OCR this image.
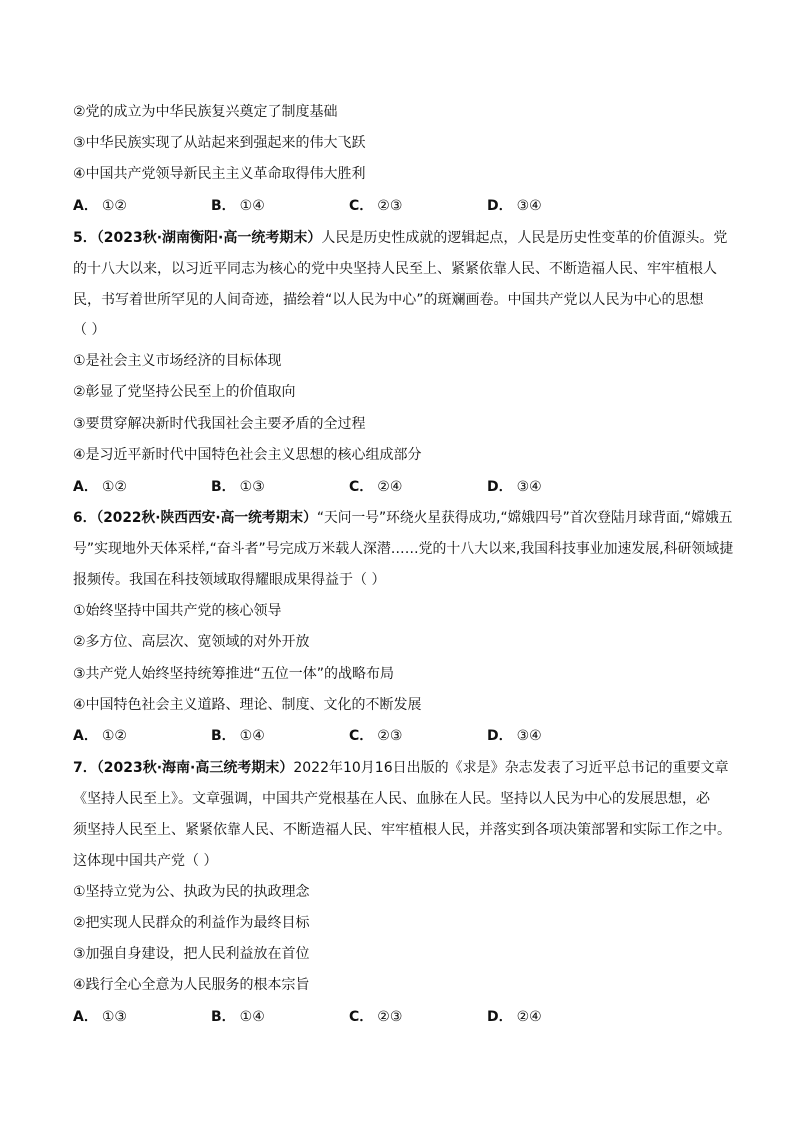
②党的成立为中华民族复兴奠定了制度基础
③中华民族实现了从站起来到强起来的伟大飞跃
④中国共产党领导新民主主义革命取得伟大胜利
A． ①②	B． ①④	C． ②③	D． ③④
5．（2023秋·湖南衡阳·高一统考期末）人民是历史性成就的逻辑起点，人民是历史性变革的价值源头。党
的十八大以来，以习近平同志为核心的党中央坚持人民至上、紧紧依靠人民、不断造福人民、牢牢植根人
民，书写着世所罕见的人间奇迹，描绘着“以人民为中心”的斑斓画卷。中国共产党以人民为中心的思想
（ ）
①是社会主义市场经济的目标体现
②彰显了党坚持公民至上的价值取向
③要贯穿解决新时代我国社会主要矛盾的全过程
④是习近平新时代中国特色社会主义思想的核心组成部分
A． ①②	B． ①③	C． ②④	D． ③④
6．（2022秋·陕西西安·高一统考期末）“天问一号”环绕火星获得成功,“嫦娥四号”首次登陆月球背面,“嫦娥五
号”实现地外天体采样,“奋斗者”号完成万米载人深潜……党的十八大以来,我国科技事业加速发展,科研领域捷
报频传。我国在科技领域取得耀眼成果得益于（ ）
①始终坚持中国共产党的核心领导
②多方位、高层次、宽领域的对外开放
③共产党人始终坚持统筹推进“五位一体”的战略布局
④中国特色社会主义道路、理论、制度、文化的不断发展
A． ①②	B． ①④	C． ②③	D． ③④
7．（2023秋·海南·高三统考期末）2022年10月16日出版的《求是》杂志发表了习近平总书记的重要文章
《坚持人民至上》。文章强调，中国共产党根基在人民、血脉在人民。坚持以人民为中心的发展思想，必
须坚持人民至上、紧紧依靠人民、不断造福人民、牢牢植根人民，并落实到各项决策部署和实际工作之中。
这体现中国共产党（ ）
①坚持立党为公、执政为民的执政理念
②把实现人民群众的利益作为最终目标
③加强自身建设，把人民利益放在首位
④践行全心全意为人民服务的根本宗旨
A． ①③	B． ①④	C． ②③	D． ②④
